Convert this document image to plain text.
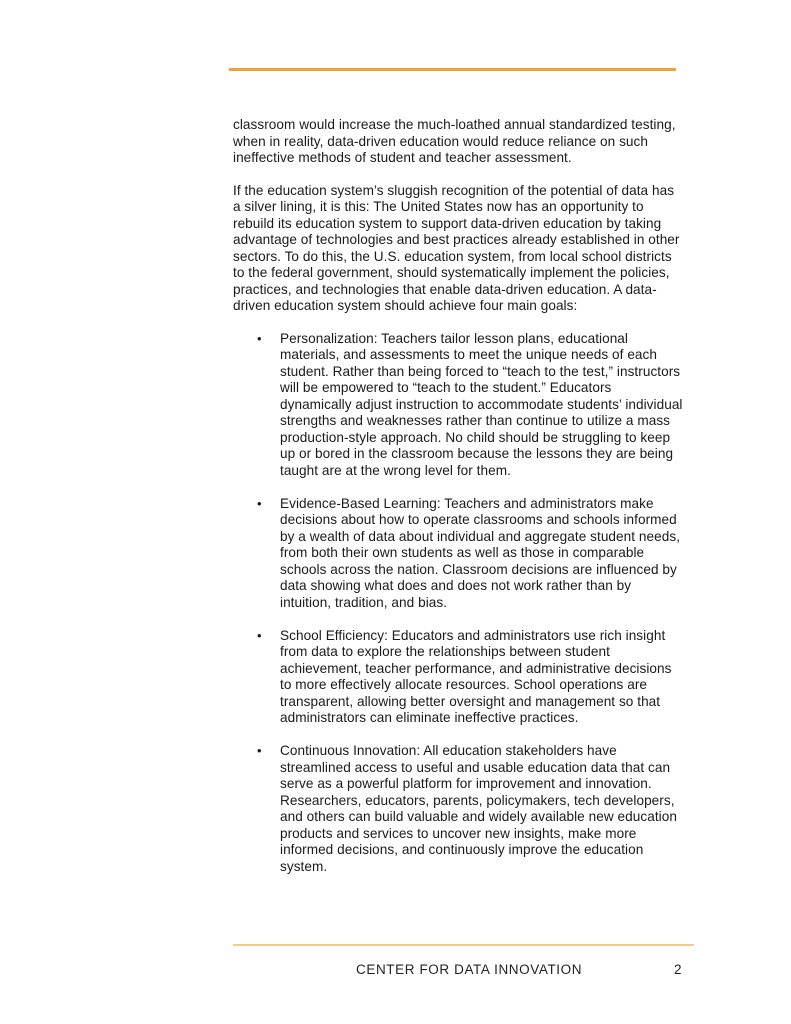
classroom would increase the much-loathed annual standardized testing, when in reality, data-driven education would reduce reliance on such ineffective methods of student and teacher assessment.

If the education system’s sluggish recognition of the potential of data has a silver lining, it is this: The United States now has an opportunity to rebuild its education system to support data-driven education by taking advantage of technologies and best practices already established in other sectors. To do this, the U.S. education system, from local school districts to the federal government, should systematically implement the policies, practices, and technologies that enable data-driven education. A data-driven education system should achieve four main goals:

• Personalization: Teachers tailor lesson plans, educational materials, and assessments to meet the unique needs of each student. Rather than being forced to “teach to the test,” instructors will be empowered to “teach to the student.” Educators dynamically adjust instruction to accommodate students’ individual strengths and weaknesses rather than continue to utilize a mass production-style approach. No child should be struggling to keep up or bored in the classroom because the lessons they are being taught are at the wrong level for them.
• Evidence-Based Learning: Teachers and administrators make decisions about how to operate classrooms and schools informed by a wealth of data about individual and aggregate student needs, from both their own students as well as those in comparable schools across the nation. Classroom decisions are influenced by data showing what does and does not work rather than by intuition, tradition, and bias.
• School Efficiency: Educators and administrators use rich insight from data to explore the relationships between student achievement, teacher performance, and administrative decisions to more effectively allocate resources. School operations are transparent, allowing better oversight and management so that administrators can eliminate ineffective practices.
• Continuous Innovation: All education stakeholders have streamlined access to useful and usable education data that can serve as a powerful platform for improvement and innovation. Researchers, educators, parents, policymakers, tech developers, and others can build valuable and widely available new education products and services to uncover new insights, make more informed decisions, and continuously improve the education system.
CENTER FOR DATA INNOVATION	2
